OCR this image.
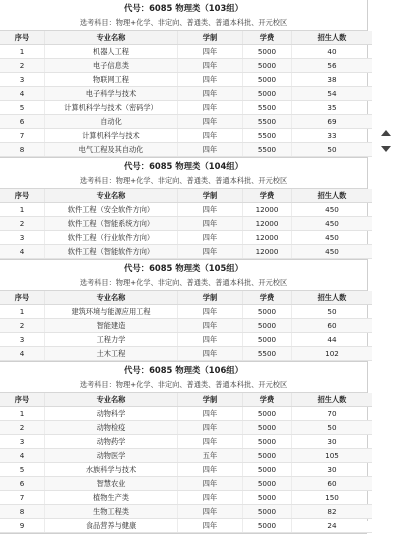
代号：6085 物理类（103组）
选考科目：物理+化学、非定向、普通类、普通本科批、开元校区
序号	专业名称	学制	学费	招生人数
1	机器人工程	四年	5000	40
2	电子信息类	四年	5000	56
3	物联网工程	四年	5000	38
4	电子科学与技术	四年	5000	54
5	计算机科学与技术（密码学）	四年	5500	35
6	自动化	四年	5500	69
7	计算机科学与技术	四年	5500	33
8	电气工程及其自动化	四年	5500	50
代号：6085 物理类（104组）
选考科目：物理+化学、非定向、普通类、普通本科批、开元校区
序号	专业名称	学制	学费	招生人数
1	软件工程（安全软件方向）	四年	12000	450
2	软件工程（智能系统方向）	四年	12000	450
3	软件工程（行业软件方向）	四年	12000	450
4	软件工程（智能软件方向）	四年	12000	450
代号：6085 物理类（105组）
选考科目：物理+化学、非定向、普通类、普通本科批、开元校区
序号	专业名称	学制	学费	招生人数
1	建筑环境与能源应用工程	四年	5000	50
2	智能建造	四年	5000	60
3	工程力学	四年	5000	44
4	土木工程	四年	5500	102
代号：6085 物理类（106组）
选考科目：物理+化学、非定向、普通类、普通本科批、开元校区
序号	专业名称	学制	学费	招生人数
1	动物科学	四年	5000	70
2	动物检疫	四年	5000	50
3	动物药学	四年	5000	30
4	动物医学	五年	5000	105
5	水族科学与技术	四年	5000	30
6	智慧农业	四年	5000	60
7	植物生产类	四年	5000	150
8	生物工程类	四年	5000	82
9	食品营养与健康	四年	5000	24
